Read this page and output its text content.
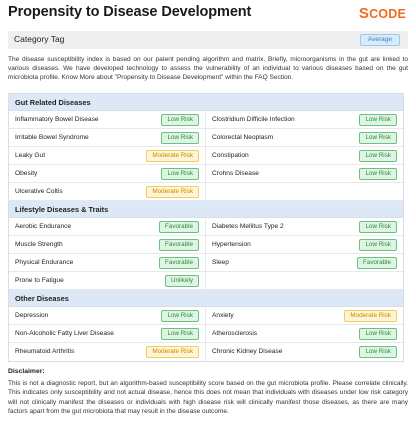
Propensity to Disease Development	SCODE
Category Tag	Average

The disease susceptibility index is based on our patent pending algorithm and matrix. Briefly, microorganisms in the gut are linked to various diseases. We have developed technology to assess the vulnerability of an individual to various diseases based on the gut microbiota profile. Know More about "Propensity to Disease Development" within the FAQ Section.

Gut Related Diseases
Inflammatory Bowel Disease	Low Risk	Clostridium Difficile Infection	Low Risk
Irritable Bowel Syndrome	Low Risk	Colorectal Neoplasm	Low Risk
Leaky Gut	Moderate Risk	Constipation	Low Risk
Obesity	Low Risk	Crohns Disease	Low Risk
Ulcerative Coltis	Moderate Risk
Lifestyle Diseases & Traits
Aerobic Endurance	Favorable	Diabetes Mellitus Type 2	Low Risk
Muscle Strength	Favorable	Hypertension	Low Risk
Physical Endurance	Favorable	Sleep	Favorable
Prone to Fatigue	Unlikely
Other Diseases
Depression	Low Risk	Anxiety	Moderate Risk
Non-Alcoholic Fatty Liver Disease	Low Risk	Atherosclerosis	Low Risk
Rheumatoid Arthritis	Moderate Risk	Chronic Kidney Disease	Low Risk
Disclaimer:

This is not a diagnostic report, but an algorithm-based susceptibility score based on the gut microbiota profile. Please correlate clinically. This indicates only susceptibility and not actual disease, hence this does not mean that individuals with diseases under low risk category will not clinically manifest the diseases or individuals with high disease risk will clinically manifest those diseases, as there are many factors apart from the gut microbiota that may result in the disease outcome.
